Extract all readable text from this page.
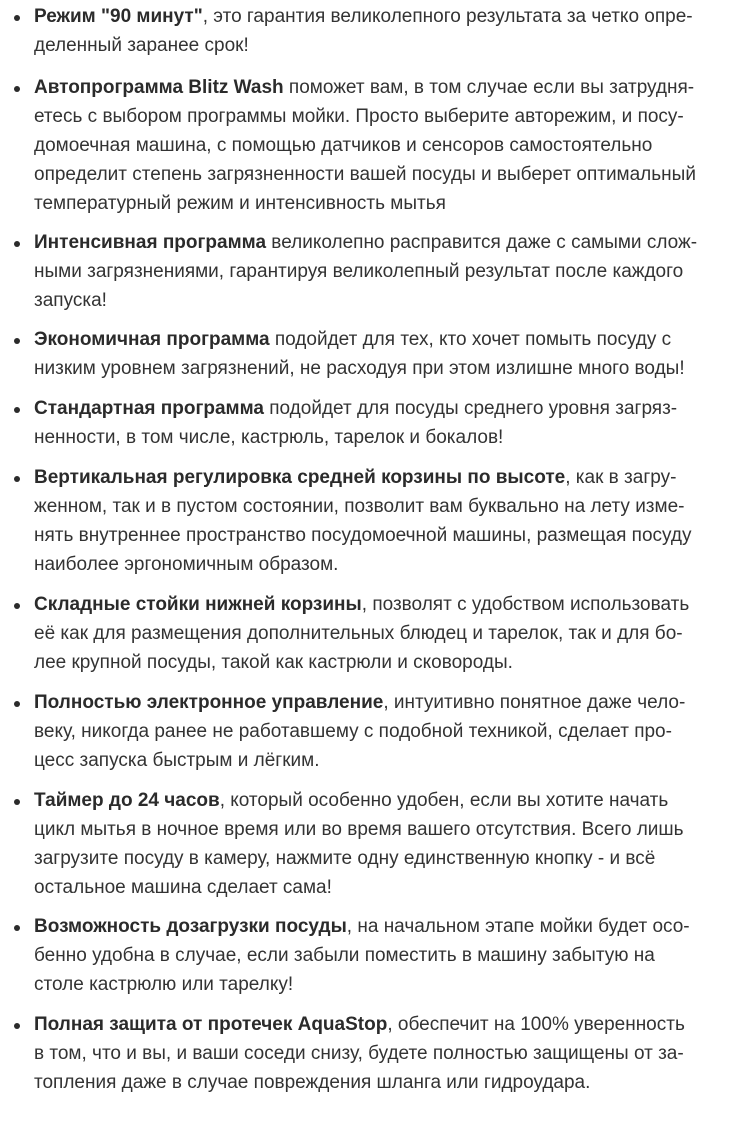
Режим "90 минут", это гарантия великолепного результата за четко опре-
деленный заранее срок!
Автопрограмма Blitz Wash поможет вам, в том случае если вы затрудня-
етесь с выбором программы мойки. Просто выберите авторежим, и посу-
домоечная машина, с помощью датчиков и сенсоров самостоятельно
определит степень загрязненности вашей посуды и выберет оптимальный
температурный режим и интенсивность мытья
Интенсивная программа великолепно расправится даже с самыми слож-
ными загрязнениями, гарантируя великолепный результат после каждого
запуска!
Экономичная программа подойдет для тех, кто хочет помыть посуду с
низким уровнем загрязнений, не расходуя при этом излишне много воды!
Стандартная программа подойдет для посуды среднего уровня загряз-
ненности, в том числе, кастрюль, тарелок и бокалов!
Вертикальная регулировка средней корзины по высоте, как в загру-
женном, так и в пустом состоянии, позволит вам буквально на лету изме-
нять внутреннее пространство посудомоечной машины, размещая посуду
наиболее эргономичным образом.
Складные стойки нижней корзины, позволят с удобством использовать
её как для размещения дополнительных блюдец и тарелок, так и для бо-
лее крупной посуды, такой как кастрюли и сковороды.
Полностью электронное управление, интуитивно понятное даже чело-
веку, никогда ранее не работавшему с подобной техникой, сделает про-
цесс запуска быстрым и лёгким.
Таймер до 24 часов, который особенно удобен, если вы хотите начать
цикл мытья в ночное время или во время вашего отсутствия. Всего лишь
загрузите посуду в камеру, нажмите одну единственную кнопку - и всё
остальное машина сделает сама!
Возможность дозагрузки посуды, на начальном этапе мойки будет осо-
бенно удобна в случае, если забыли поместить в машину забытую на
столе кастрюлю или тарелку!
Полная защита от протечек AquaStop, обеспечит на 100% уверенность
в том, что и вы, и ваши соседи снизу, будете полностью защищены от за-
топления даже в случае повреждения шланга или гидроудара.
